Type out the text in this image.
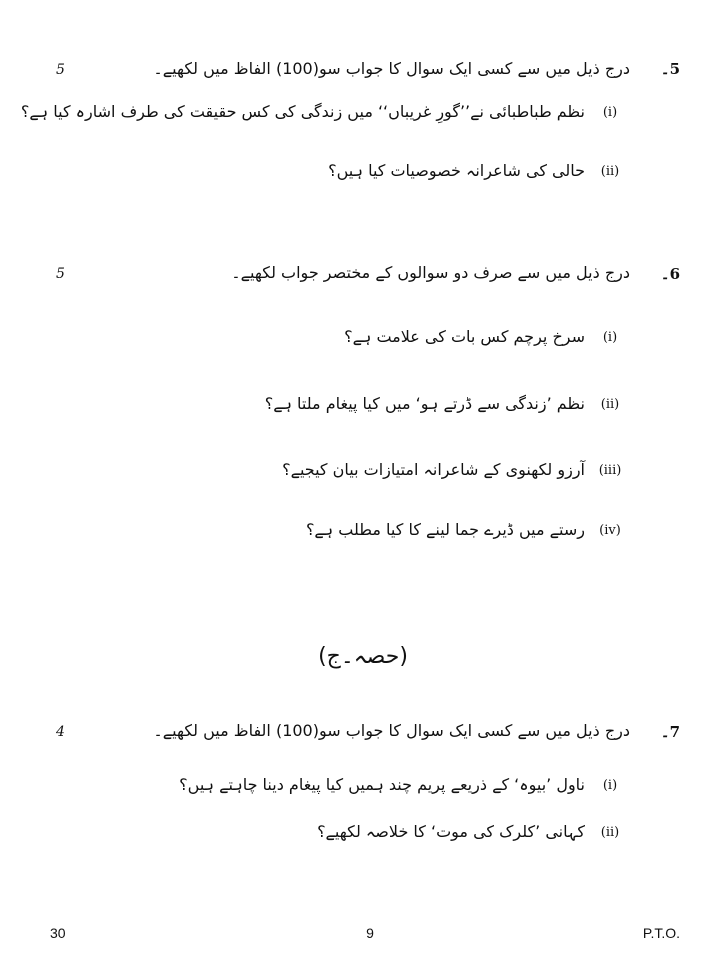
5۔
درج ذیل میں سے کسی ایک سوال کا جواب سو(100) الفاظ میں لکھیے۔
5
(i)
نظم طباطبائی نے’’گورِ غریباں‘‘ میں زندگی کی کس حقیقت کی طرف اشارہ کیا ہے؟
(ii)
حالی کی شاعرانہ خصوصیات کیا ہیں؟
6۔
درج ذیل میں سے صرف دو سوالوں کے مختصر جواب لکھیے۔
5
(i)
سرخ پرچم کس بات کی علامت ہے؟
(ii)
نظم ’زندگی سے ڈرتے ہو‘ میں کیا پیغام ملتا ہے؟
(iii)
آرزو لکھنوی کے شاعرانہ امتیازات بیان کیجیے؟
(iv)
رستے میں ڈیرے جما لینے کا کیا مطلب ہے؟
(حصہ۔ج)
7۔
درج ذیل میں سے کسی ایک سوال کا جواب سو(100) الفاظ میں لکھیے۔
4
(i)
ناول ’بیوہ‘ کے ذریعے پریم چند ہمیں کیا پیغام دینا چاہتے ہیں؟
(ii)
کہانی ’کلرک کی موت‘ کا خلاصہ لکھیے؟
30	9	P.T.O.
